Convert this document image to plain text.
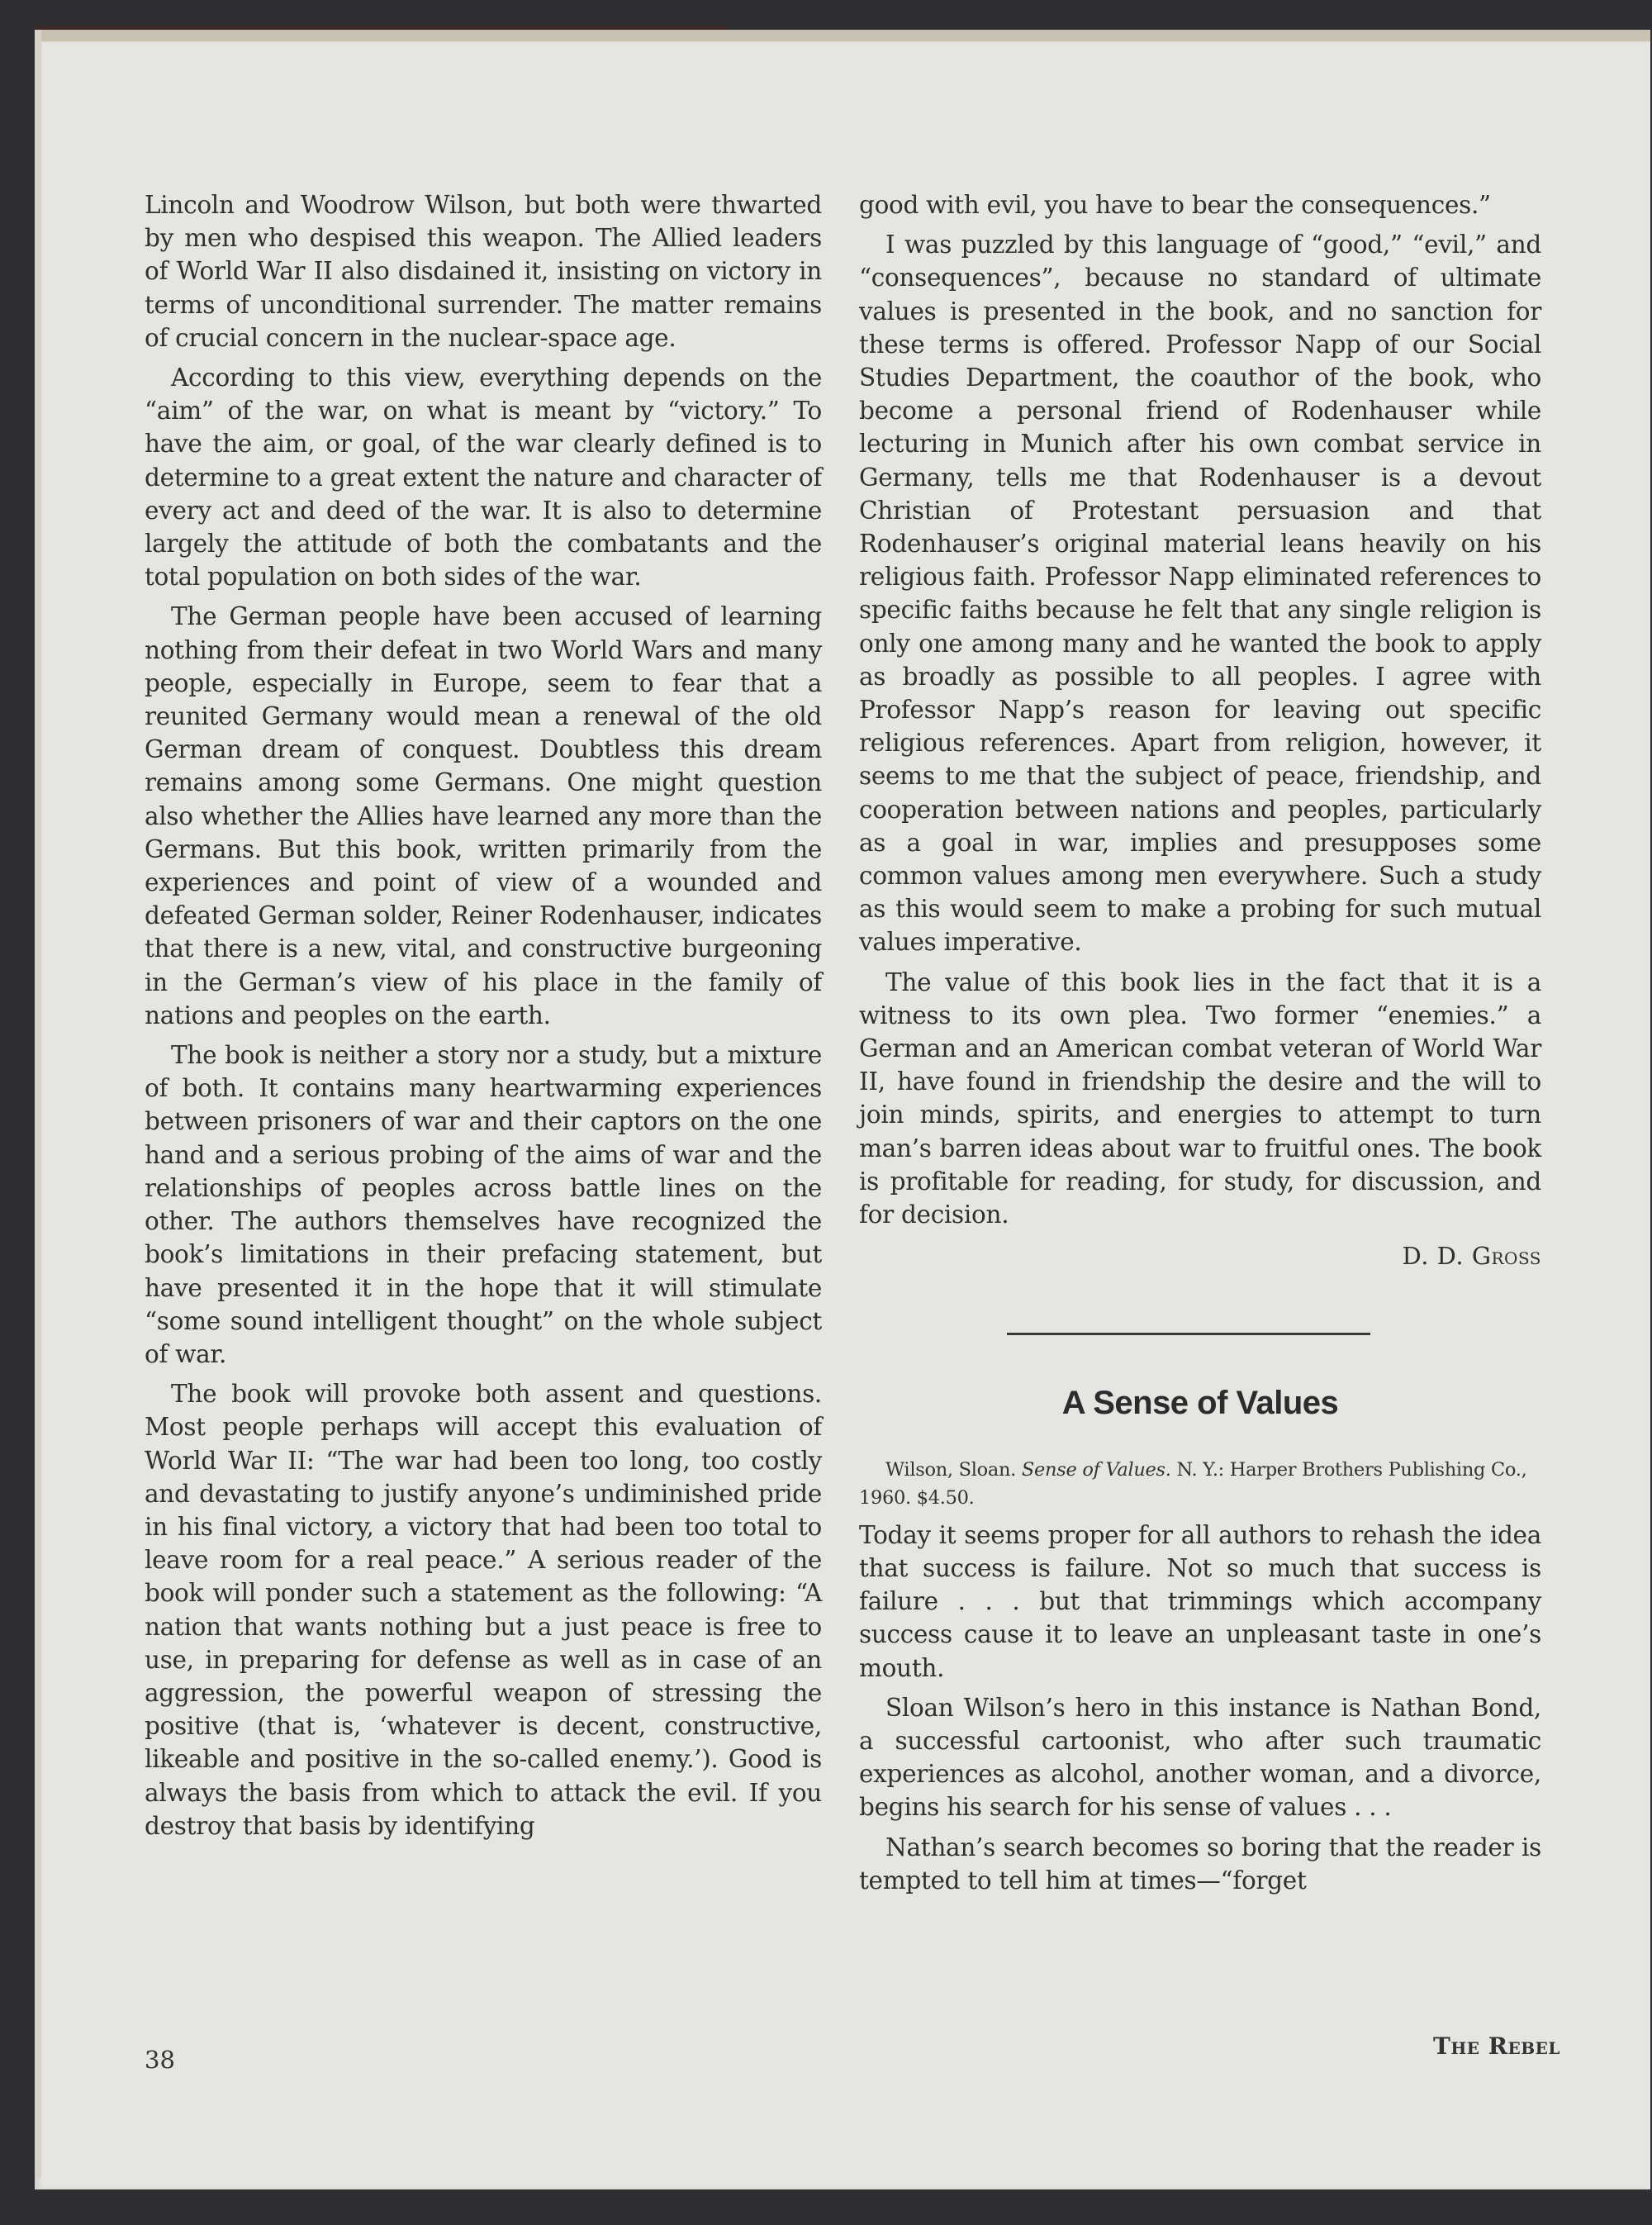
Lincoln and Woodrow Wilson, but both were thwarted by men who despised this weapon. The Allied leaders of World War II also disdained it, insisting on victory in terms of unconditional surrender. The matter remains of crucial concern in the nuclear-space age.

According to this view, everything depends on the “aim” of the war, on what is meant by “victory.” To have the aim, or goal, of the war clearly defined is to determine to a great extent the nature and character of every act and deed of the war. It is also to determine largely the attitude of both the combatants and the total population on both sides of the war.

The German people have been accused of learning nothing from their defeat in two World Wars and many people, especially in Europe, seem to fear that a reunited Germany would mean a renewal of the old German dream of conquest. Doubtless this dream remains among some Germans. One might question also whether the Allies have learned any more than the Germans. But this book, written primarily from the experiences and point of view of a wounded and defeated German solder, Reiner Rodenhauser, indicates that there is a new, vital, and constructive burgeoning in the German’s view of his place in the family of nations and peoples on the earth.

The book is neither a story nor a study, but a mixture of both. It contains many heartwarming experiences between prisoners of war and their captors on the one hand and a serious probing of the aims of war and the relationships of peoples across battle lines on the other. The authors themselves have recognized the book’s limitations in their prefacing statement, but have presented it in the hope that it will stimulate “some sound intelligent thought” on the whole subject of war.

The book will provoke both assent and questions. Most people perhaps will accept this evaluation of World War II: “The war had been too long, too costly and devastating to justify anyone’s undiminished pride in his final victory, a victory that had been too total to leave room for a real peace.” A serious reader of the book will ponder such a statement as the following: “A nation that wants nothing but a just peace is free to use, in preparing for defense as well as in case of an aggression, the powerful weapon of stressing the positive (that is, ‘whatever is decent, constructive, likeable and positive in the so-called enemy.’). Good is always the basis from which to attack the evil. If you destroy that basis by identifying

good with evil, you have to bear the consequences.”

I was puzzled by this language of “good,” “evil,” and “consequences”, because no standard of ultimate values is presented in the book, and no sanction for these terms is offered. Professor Napp of our Social Studies Department, the coauthor of the book, who become a personal friend of Rodenhauser while lecturing in Munich after his own combat service in Germany, tells me that Rodenhauser is a devout Christian of Protestant persuasion and that Rodenhauser’s original material leans heavily on his religious faith. Professor Napp eliminated references to specific faiths because he felt that any single religion is only one among many and he wanted the book to apply as broadly as possible to all peoples. I agree with Professor Napp’s reason for leaving out specific religious references. Apart from religion, however, it seems to me that the subject of peace, friendship, and cooperation between nations and peoples, particularly as a goal in war, implies and presupposes some common values among men everywhere. Such a study as this would seem to make a probing for such mutual values imperative.

The value of this book lies in the fact that it is a witness to its own plea. Two former “enemies.” a German and an American combat veteran of World War II, have found in friendship the desire and the will to join minds, spirits, and energies to attempt to turn man’s barren ideas about war to fruitful ones. The book is profitable for reading, for study, for discussion, and for decision.

D. D. Gross
A Sense of Values

Wilson, Sloan. Sense of Values. N. Y.: Harper Brothers Publishing Co., 1960. $4.50.

Today it seems proper for all authors to rehash the idea that success is failure. Not so much that success is failure . . . but that trimmings which accompany success cause it to leave an unpleasant taste in one’s mouth.

Sloan Wilson’s hero in this instance is Nathan Bond, a successful cartoonist, who after such traumatic experiences as alcohol, another woman, and a divorce, begins his search for his sense of values . . .

Nathan’s search becomes so boring that the reader is tempted to tell him at times—“forget

38	The Rebel
